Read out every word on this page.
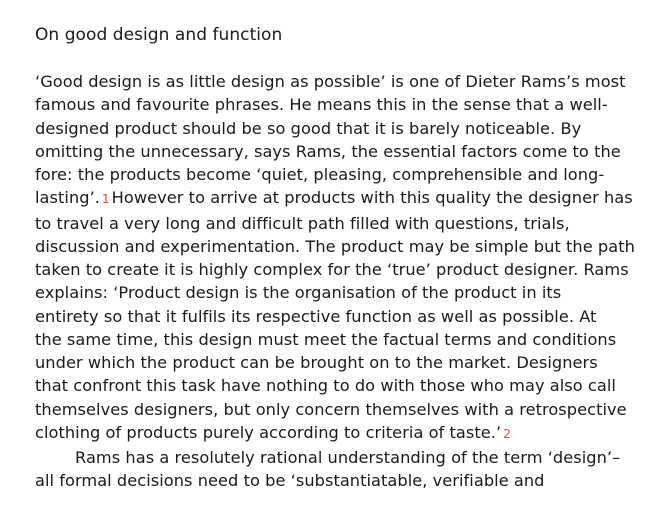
On good design and function
‘Good design is as little design as possible’ is one of Dieter Rams’s most
famous and favourite phrases. He means this in the sense that a well-
designed product should be so good that it is barely noticeable. By
omitting the unnecessary, says Rams, the essential factors come to the
fore: the products become ‘quiet, pleasing, comprehensible and long-
lasting’. 1 However to arrive at products with this quality the designer has
to travel a very long and difficult path filled with questions, trials,
discussion and experimentation. The product may be simple but the path
taken to create it is highly complex for the ‘true’ product designer. Rams
explains: ‘Product design is the organisation of the product in its
entirety so that it fulfils its respective function as well as possible. At
the same time, this design must meet the factual terms and conditions
under which the product can be brought on to the market. Designers
that confront this task have nothing to do with those who may also call
themselves designers, but only concern themselves with a retrospective
clothing of products purely according to criteria of taste.’ 2
Rams has a resolutely rational understanding of the term ‘design’–
all formal decisions need to be ‘substantiatable, verifiable and
